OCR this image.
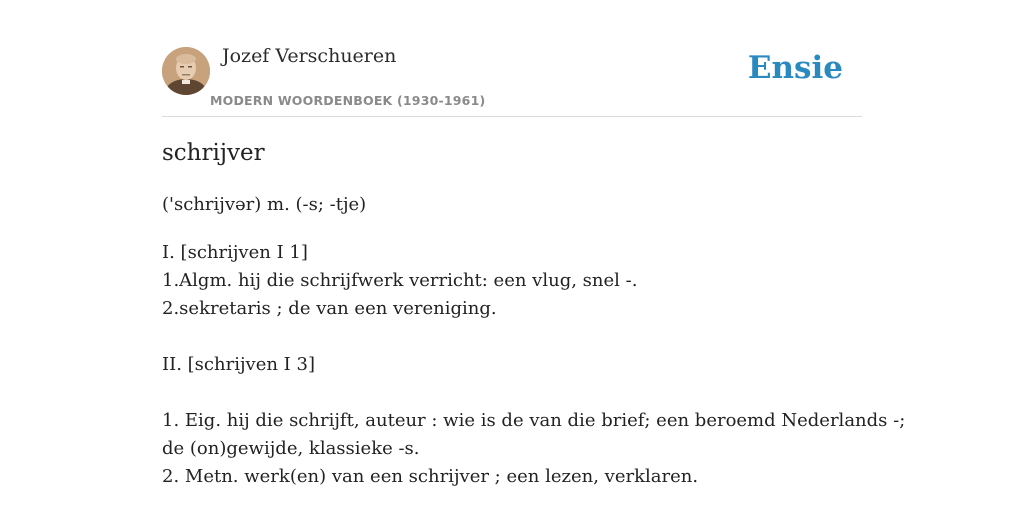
Jozef Verschueren
MODERN WOORDENBOEK (1930-1961)
Ensie
schrijver
('schrijvər) m. (-s; -tje)
I. [schrijven I 1]
1.Algm. hij die schrijfwerk verricht: een vlug, snel -.
2.sekretaris ; de van een vereniging.
II. [schrijven I 3]
1. Eig. hij die schrijft, auteur : wie is de van die brief; een beroemd Nederlands -;
de (on)gewijde, klassieke -s.
2. Metn. werk(en) van een schrijver ; een lezen, verklaren.
